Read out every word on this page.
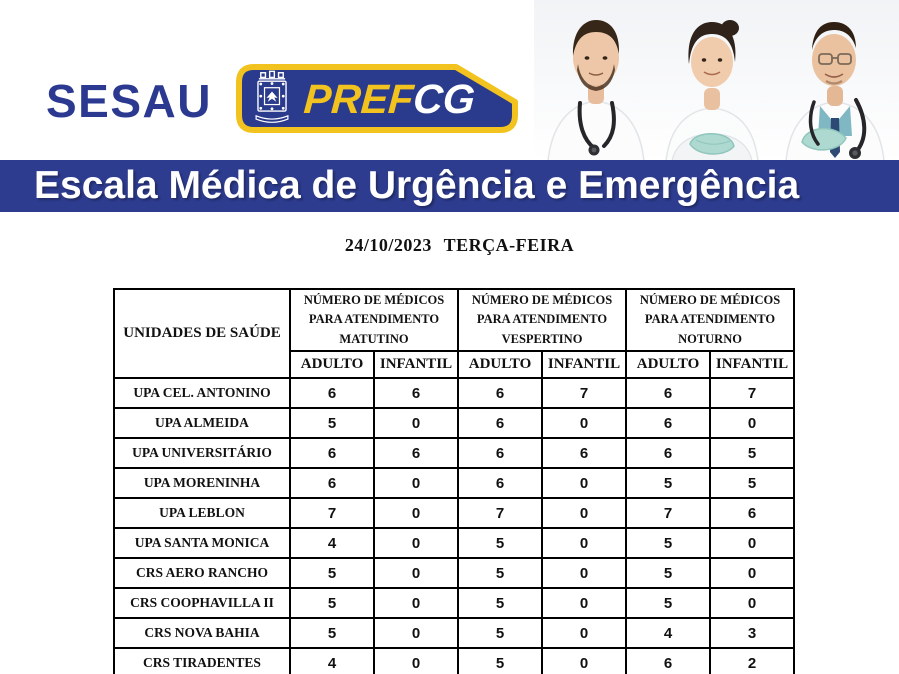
SESAU PREFCG
Escala Médica de Urgência e Emergência
24/10/2023 TERÇA-FEIRA
UNIDADES DE SAÚDE	NÚMERO DE MÉDICOS PARA ATENDIMENTO MATUTINO		NÚMERO DE MÉDICOS PARA ATENDIMENTO VESPERTINO		NÚMERO DE MÉDICOS PARA ATENDIMENTO NOTURNO	
	ADULTO	INFANTIL	ADULTO	INFANTIL	ADULTO	INFANTIL
UPA CEL. ANTONINO	6	6	6	7	6	7
UPA ALMEIDA	5	0	6	0	6	0
UPA UNIVERSITÁRIO	6	6	6	6	6	5
UPA MORENINHA	6	0	6	0	5	5
UPA LEBLON	7	0	7	0	7	6
UPA SANTA MONICA	4	0	5	0	5	0
CRS AERO RANCHO	5	0	5	0	5	0
CRS COOPHAVILLA II	5	0	5	0	5	0
CRS NOVA BAHIA	5	0	5	0	4	3
CRS TIRADENTES	4	0	5	0	6	2
